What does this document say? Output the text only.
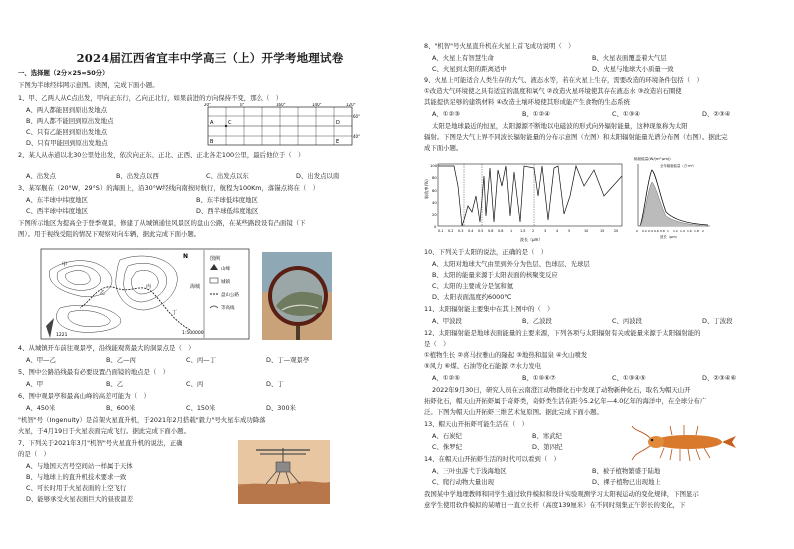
2024届江西省宜丰中学高三（上）开学考地理试卷
一、选择题（2分×25=50分）
下图为半球经纬网示意图。读图，完成下面小题。
1、甲、乙两人从C点出发，甲向正东行，乙向正北行，如果前进的方向保持不变，那么（　）
A、两人都能回到原出发地点
B、两人都不能回到原出发地点
C、只有乙能回到原出发地点
D、只有甲能回到原出发地点
20°	0°	160°	140°	120°
60°
40°
A
B
C	D
E
2、某人从赤道以北30公里处出发，依次向正东、正北、正西、正北各走100公里，最后他位于（　）
A、出发点	B、出发点以西	C、出发点以东	D、出发点以南
3、某军舰在（20°W，29°S）的海面上，沿30°W经线向南按时航行，航程为100Km，落锚点将在（　）
A、东半球中纬度地区	B、东半球低纬度地区
C、西半球中纬度地区	D、西半球低纬度地区
下图所示地区为提高全于登季观景，修建了从城镇通往风景区的盘山公路，在某些路段设有凸面镜（下
图）。用于视线受阻的情况下观察对向车辆，据此完成下面小题。
1221
N
1:500000
甲
乙
丙
丁
海城
图例
山峰
城镇
盘山公路
等高线
4、从城镇开车前往观景亭，沿线能观赏最大的洞景点是（　）
A、甲—乙	B、乙—丙	C、丙—丁	D、丁—观景亭
5、图中公路沿线最有必要设置凸面镜的地点是（　）
A、甲	B、乙	C、丙	D、丁
6、图中观景亭和最高山峰的高差可能为（　）
A、450米	B、600米	C、150米	D、300米
"机智"号（Ingenuity）是首架火星直升机，于2021年2月搭载"毅力"号火星车成功降落
火星，于4月19日于火星表面完成飞行。据此完成下面小题。
7、下列关于2021年3月"机智"号火星直升机的说法，正确
的是（　）
A、与地国天宫号空间站一样属于天体
B、与地球上的直升机技术要求一致
C、可长时用于火星表面的上空飞行
D、能够承受火星表面巨大的昼夜温差
8、"机智"号火星直升机在火星上首飞成功说明（　）
A、火星上有智慧生命	B、火星表面覆盖着大气层
C、火星到太阳的距离适中	D、火星与地球大小质量一致
9、火星上可能适合人类生存的大气、液态水等，若在火星上生存，需要改造的环境条件包括（　）
①改造大气环境使之具有适宜的温度和氧气 ②改造火星环境使其存在液态水 ③改造岩石圈使
其能提供足够的建筑材料 ④改造土壤环境使其形成能产生食物的生态系统
A、①②③	B、①②④	C、①③④	D、②③④
太阳是地球最近的恒星，太阳源源不断地以电磁波的形式向外辐射能量，这种现象称为太阳
辐射。下图是大气上界不同波长辐射能量的分布示意图（左图）和太阳辐射能量光谱分布图（右图）。据此完
成下面小题。
吸收率(%)
100
80
60
40
20
0
0.1 0.2 0.3 0.4 0.5 0.6 0.8 1 1.5 2	3	4	5	10	15	20
波长（μm）
辐射能量(W/(m²·μm))
全年辐射能量（万·m²）
0 0.2 0.4 0.6 0.8 1 1.2 1.4 1.6 1.8 2
波长（μm）
10、下列关于太阳的说法，正确的是（　）
A、太阳对地球大气由里到外分为色层、色球层、光球层
B、太阳的能量来源于太阳表面的核聚变反应
C、太阳的主要成分是氢和氦
D、太阳表面温度约6000℃
11、太阳辐射能主要集中在其上图中的（　）
A、甲波段	B、乙波段	C、丙波段	D、丁波段
12、太阳辐射能是地球表面能量的主要来源，下列各项与太阳辐射有关或能量来源于太阳辐射能的
是（　）
①植物生长 ②喜马拉雅山的隆起 ③地热和温泉 ④火山喷发
⑤风力 ⑥煤、石油等化石能源 ⑦水力发电
A、①②⑤	B、①⑤⑥⑦	C、①③④⑤	D、②③④⑥
2022年9月30日，研究人员在云南澄江动物群化石中发现了动物新种化石，取名为帽天山开
拓虾化石，帽天山开拓虾属于奇虾类，奇虾类生活在距今5.2亿年—4.0亿年的海洋中，在全球分布广
泛。下图为帽天山开拓虾三维艺术复原图。据此完成下面小题。
13、帽天山开拓虾可能生活在（　）
A、石炭纪	B、寒武纪
C、侏罗纪	D、第四纪
14、在帽天山开拓虾生活的时代可以看到（　）
A、三叶虫游弋于浅海地区	B、被子植物繁盛于陆地
C、爬行动物大量出现	D、裸子植物已出现地上
我国某中学地理教师和同学生通过软件模拟和设计实验观测学习太阳视运动的变化规律，下图显示
意学生使用软件模拟的某晴日一直立长杆（高度139厘米）在不同时刻集正午影长的变化，下
